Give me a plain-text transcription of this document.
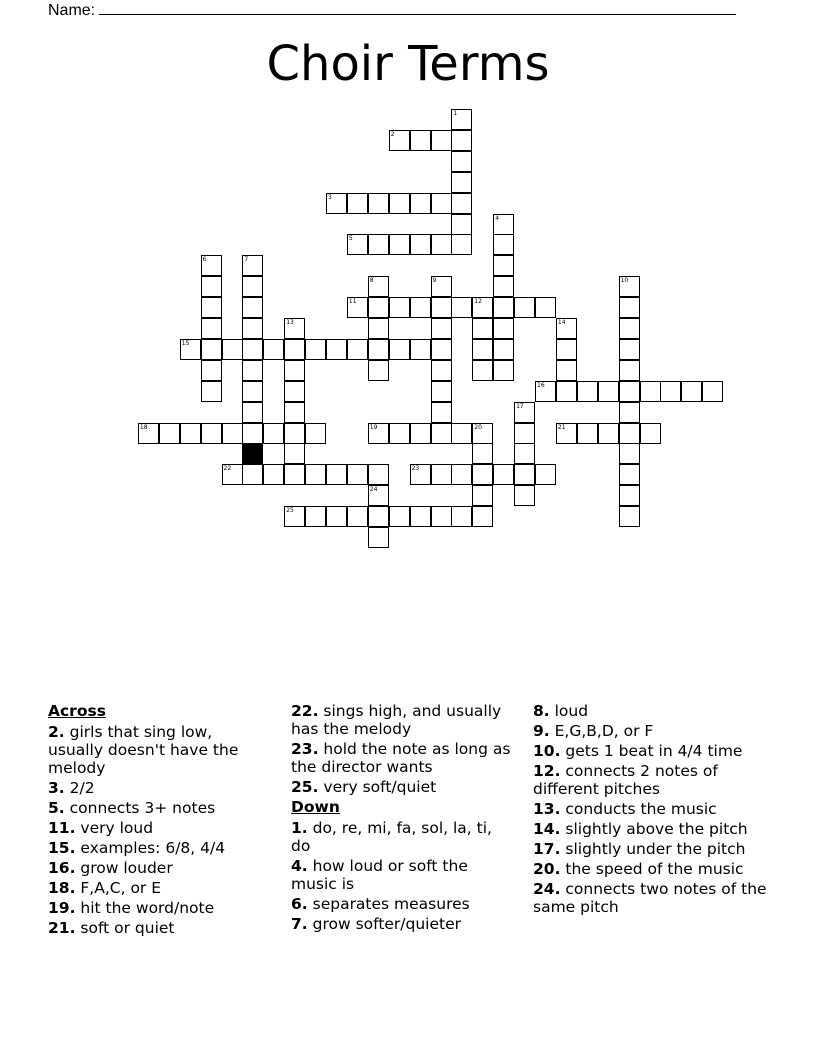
Name:
Choir Terms
1
2
3
4
5
6	7
8	9	10
11	12
13	14
15
16
17
18	19	20	21
22	23
24
25
Across
2. girls that sing low, usually doesn't have the melody
3. 2/2
5. connects 3+ notes
11. very loud
15. examples: 6/8, 4/4
16. grow louder
18. F,A,C, or E
19. hit the word/note
21. soft or quiet
22. sings high, and usually has the melody
23. hold the note as long as the director wants
25. very soft/quiet
Down
1. do, re, mi, fa, sol, la, ti, do
4. how loud or soft the music is
6. separates measures
7. grow softer/quieter
8. loud
9. E,G,B,D, or F
10. gets 1 beat in 4/4 time
12. connects 2 notes of different pitches
13. conducts the music
14. slightly above the pitch
17. slightly under the pitch
20. the speed of the music
24. connects two notes of the same pitch
